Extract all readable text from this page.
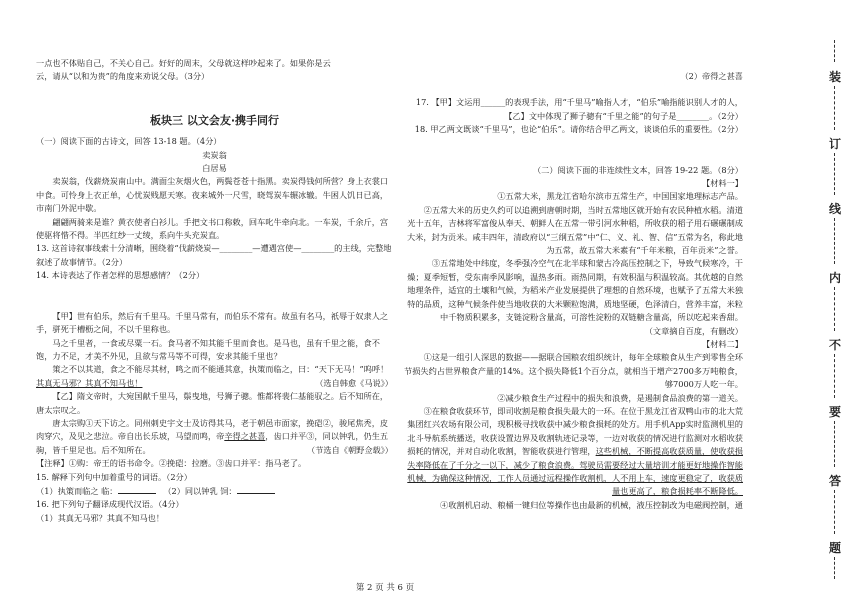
一点也不体贴自己，不关心自己。好好的周末，父母就这样吵起来了。如果你是云

云，请从“以和为贵”的角度来劝说父母。（3分）

板块三 以文会友·携手同行

（一）阅读下面的古诗文，回答 13-18 题。（4分）

卖炭翁

白居易

卖炭翁，伐薪烧炭南山中。满面尘灰烟火色，两鬓苍苍十指黑。卖炭得钱何所营？身上衣裳口中食。可怜身上衣正单，心忧炭贱愿天寒。夜来城外一尺雪，晓驾炭车辗冰辙。牛困人饥日已高，市南门外泥中歇。

翩翩两骑来是谁？黄衣使者白衫儿。手把文书口称敕，回车叱牛牵向北。一车炭，千余斤，宫使驱将惜不得。半匹红纱一丈绫，系向牛头充炭直。

13. 这首诗叙事线索十分清晰，围绕着“伐薪烧炭—________—遭遇宫使—________的主线，完整地叙述了故事情节。（2分）

14. 本诗表达了作者怎样的思想感情？（2分）

【甲】世有伯乐，然后有千里马。千里马常有，而伯乐不常有。故虽有名马，祇辱于奴隶人之手，骈死于槽枥之间，不以千里称也。

马之千里者，一食或尽粟一石。食马者不知其能千里而食也。是马也，虽有千里之能，食不饱，力不足，才美不外见，且欲与常马等不可得，安求其能千里也？

策之不以其道，食之不能尽其材，鸣之而不能通其意，执策而临之，曰：“天下无马！”呜呼！其真无马邪？其真不知马也！	（选自韩愈《马说》）

【乙】隋文帝时，大宛国献千里马，鬃曳地，号狮子骢。惟都将裴仁基能驭之。后不知所在，唐太宗叹之。

唐太宗购①天下访之。同州刺史宇文士及访得其马，老于朝邑市面家，挽硙②，骏尾焦秃，皮肉穿穴，及见之悲泣。帝自出长乐坡，马望而鸣，帝辛得之甚喜，齿口并平③，同以钟乳，仍生五驹，皆千里足也。后不知所在。	（节选自《朝野佥载》）

【注释】①购：帝王的语书命令。②挽硙：拉磨。③齿口并平：指马老了。

15. 解释下列句中加着重号的词语。（2分）

（1）执策而临之 临：	（2）同以钟乳 饲：

16. 把下列句子翻译成现代汉语。（4分）

（1）其真无马邪？其真不知马也！

（2）帝得之甚喜

17. 【甲】文运用______的表现手法，用“千里马”喻指人才，“伯乐”喻指能识别人才的人，【乙】文中体现了狮子骢有“千里之能”的句子是________。（2分）

18. 甲乙两文既谈“千里马”，也论“伯乐”。请你结合甲乙两文，谈谈伯乐的重要性。（2分）

（二）阅读下面的非连续性文本，回答 19-22 题。（8分）

【材料一】

①五常大米，黑龙江省哈尔滨市五常生产，中国国家地理标志产品。

②五常大米的历史久约可以追溯到唐朝时期，当时五常地区就开始有农民种植水稻。清道光十五年，吉林将军富俊从奉天、朝鲜人在五常一带引河水种稻，所收获的稻子用石碾碾制成大米，封为贡米。咸丰四年，清政府以“三纲五常”中“仁、义、礼、智、信”五常为名，称此地为五常，故五常大米素有“千年米粮，百年贡米”之誉。

③五常地处中纬度，冬季强冷空气在北半球和蒙古冷高压控制之下，导致气候寒冷，干燥；夏季短暂，受东南季风影响，温热多雨。雨热同期，有效积温与积温较高。其优越的自然地理条件，适宜的土壤和气候，为稻米产业发展提供了理想的自然环境，也赋予了五常大米独特的品质，这种气候条件使当地收获的大米颗粒饱满，质地坚硬，色泽清白，营养丰富，米粒中千物质积累多，支链淀粉含量高，可溶性淀粉的双链糖含量高，所以吃起来香甜。

（文章摘自百度，有删改）

【材料二】

①这是一组引人深思的数据——据联合国粮农组织统计，每年全球粮食从生产到零售全环节损失约占世界粮食产量的14%。这个损失降低1个百分点，就相当于增产2700多万吨粮食，够7000万人吃一年。

②减少粮食生产过程中的损失和浪费，是遏制食品浪费的第一道关。

③在粮食收获环节，即司收割是粮食损失最大的一环。在位于黑龙江省双鸭山市的北大荒集团红兴农场有限公司，现积极寻找收获中减少粮食损耗的处方。用手机App实时监测机里的北斗导航系统播送，收获设置边界及收割轨迹记录等，一边对收获的情况进行监测对水稻收获损耗的情况，并对自动化收割，智能收获进行管理，这些机械，不断提高收获质量，使收获损失率降低在了千分之一以下，减少了粮食浪费。驾驶员需要经过大量培训才能更好地操作智能机械，为确保这种情况，工作人员通过远程操作收割机，人不用上车，速度更稳定了，收获质量也更高了，粮食损耗率不断降低。

④收割机启动、粮桶一键归位等操作也由最新的机械，液压控制改为电磁阀控制，通

第 2 页 共 6 页
装
订
线
内
不
要
答
题
